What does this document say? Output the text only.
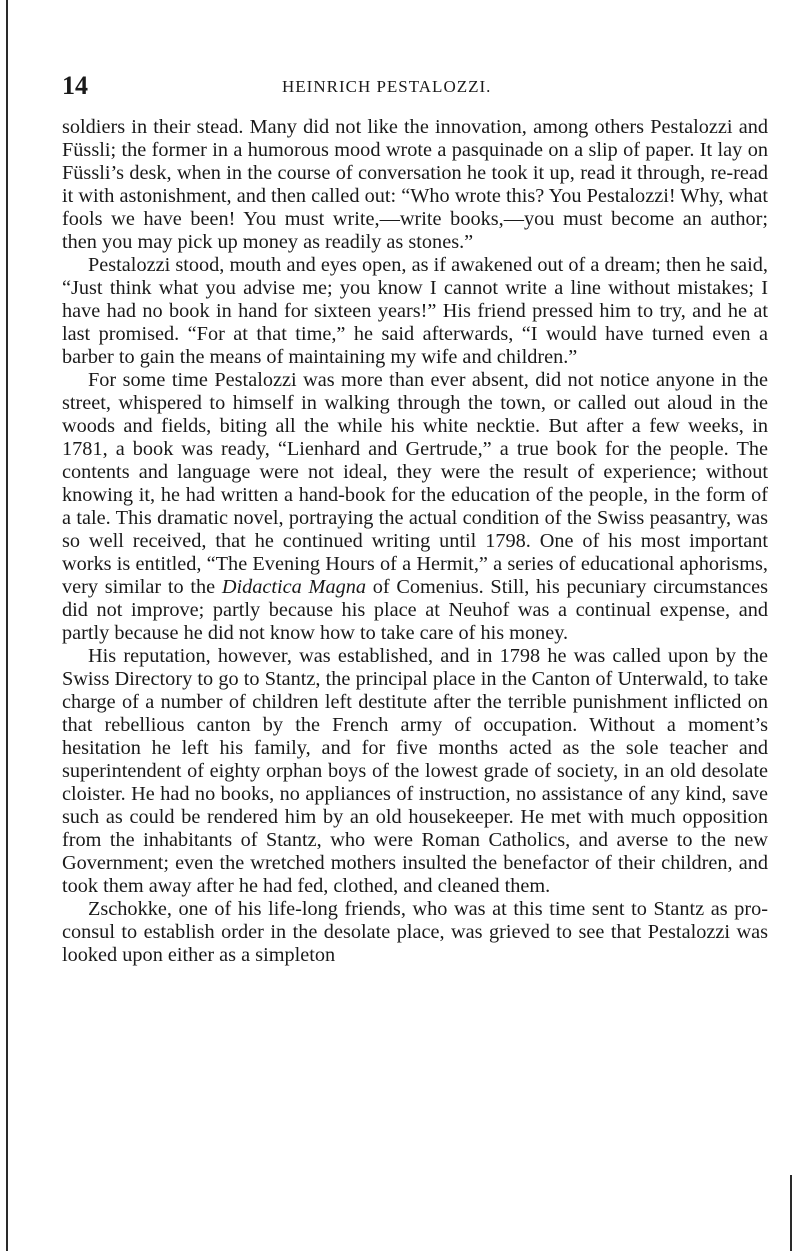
14	HEINRICH PESTALOZZI.

soldiers in their stead. Many did not like the innovation, among others Pestalozzi and Füssli; the former in a humorous mood wrote a pasquinade on a slip of paper. It lay on Füssli’s desk, when in the course of conversation he took it up, read it through, re-read it with astonishment, and then called out: “Who wrote this? You Pestalozzi! Why, what fools we have been! You must write,—write books,—you must become an author; then you may pick up money as readily as stones.”

Pestalozzi stood, mouth and eyes open, as if awakened out of a dream; then he said, “Just think what you advise me; you know I cannot write a line without mistakes; I have had no book in hand for sixteen years!” His friend pressed him to try, and he at last promised. “For at that time,” he said afterwards, “I would have turned even a barber to gain the means of maintaining my wife and children.”

For some time Pestalozzi was more than ever absent, did not notice anyone in the street, whispered to himself in walking through the town, or called out aloud in the woods and fields, biting all the while his white necktie. But after a few weeks, in 1781, a book was ready, “Lienhard and Gertrude,” a true book for the people. The contents and language were not ideal, they were the result of experience; without knowing it, he had written a hand-book for the education of the people, in the form of a tale. This dramatic novel, portraying the actual condition of the Swiss peasantry, was so well received, that he continued writing until 1798. One of his most important works is entitled, “The Evening Hours of a Hermit,” a series of educational aphorisms, very similar to the Didactica Magna of Comenius. Still, his pecuniary circumstances did not improve; partly because his place at Neuhof was a continual expense, and partly because he did not know how to take care of his money.

His reputation, however, was established, and in 1798 he was called upon by the Swiss Directory to go to Stantz, the principal place in the Canton of Unterwald, to take charge of a number of children left destitute after the terrible punishment inflicted on that rebellious canton by the French army of occupation. Without a moment’s hesitation he left his family, and for five months acted as the sole teacher and superintendent of eighty orphan boys of the lowest grade of society, in an old desolate cloister. He had no books, no appliances of instruction, no assistance of any kind, save such as could be rendered him by an old housekeeper. He met with much opposition from the inhabitants of Stantz, who were Roman Catholics, and averse to the new Government; even the wretched mothers insulted the benefactor of their children, and took them away after he had fed, clothed, and cleaned them.

Zschokke, one of his life-long friends, who was at this time sent to Stantz as pro-consul to establish order in the desolate place, was grieved to see that Pestalozzi was looked upon either as a simpleton
